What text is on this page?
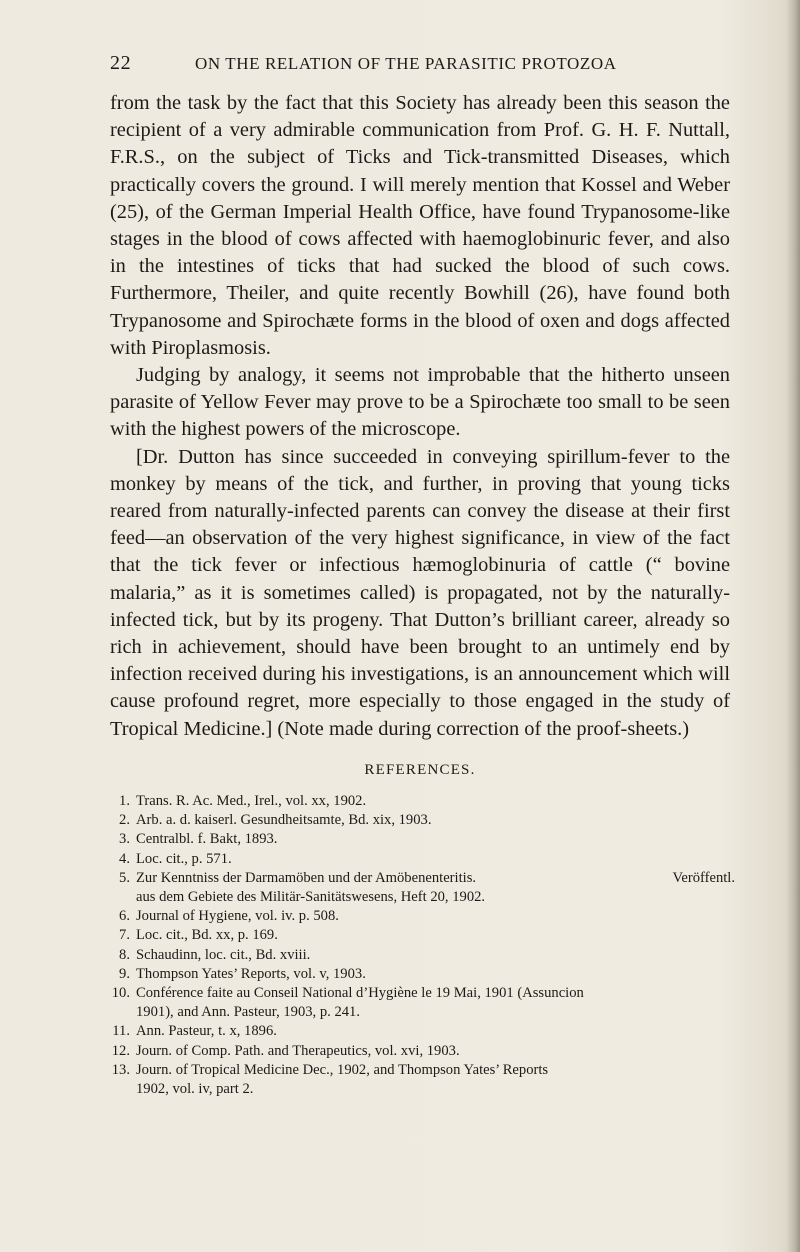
22	ON THE RELATION OF THE PARASITIC PROTOZOA

from the task by the fact that this Society has already been this season the recipient of a very admirable communication from Prof. G. H. F. Nuttall, F.R.S., on the subject of Ticks and Tick-transmitted Diseases, which practically covers the ground. I will merely mention that Kossel and Weber (25), of the German Imperial Health Office, have found Trypanosome-like stages in the blood of cows affected with haemoglobinuric fever, and also in the intestines of ticks that had sucked the blood of such cows. Furthermore, Theiler, and quite recently Bowhill (26), have found both Trypanosome and Spirochæte forms in the blood of oxen and dogs affected with Piroplasmosis.

Judging by analogy, it seems not improbable that the hitherto unseen parasite of Yellow Fever may prove to be a Spirochæte too small to be seen with the highest powers of the microscope.

[Dr. Dutton has since succeeded in conveying spirillum-fever to the monkey by means of the tick, and further, in proving that young ticks reared from naturally-infected parents can convey the disease at their first feed—an observation of the very highest significance, in view of the fact that the tick fever or infectious hæmoglobinuria of cattle (“ bovine malaria,” as it is sometimes called) is propagated, not by the naturally-infected tick, but by its progeny. That Dutton’s brilliant career, already so rich in achievement, should have been brought to an untimely end by infection received during his investigations, is an announcement which will cause profound regret, more especially to those engaged in the study of Tropical Medicine.] (Note made during correction of the proof-sheets.)

REFERENCES.
1. Trans. R. Ac. Med., Irel., vol. xx, 1902.
2. Arb. a. d. kaiserl. Gesundheitsamte, Bd. xix, 1903.
3. Centralbl. f. Bakt, 1893.
4. Loc. cit., p. 571.
5. Zur Kenntniss der Darmamöben und der Amöbenenteritis.	Veröffentl.

aus dem Gebiete des Militär-Sanitätswesens, Heft 20, 1902.
6. Journal of Hygiene, vol. iv. p. 508.
7. Loc. cit., Bd. xx, p. 169.
8. Schaudinn, loc. cit., Bd. xviii.
9. Thompson Yates’ Reports, vol. v, 1903.
10. Conférence faite au Conseil National d’Hygiène le 19 Mai, 1901 (Assuncion
1901), and Ann. Pasteur, 1903, p. 241.
11. Ann. Pasteur, t. x, 1896.
12. Journ. of Comp. Path. and Therapeutics, vol. xvi, 1903.
13. Journ. of Tropical Medicine Dec., 1902, and Thompson Yates’ Reports
1902, vol. iv, part 2.
